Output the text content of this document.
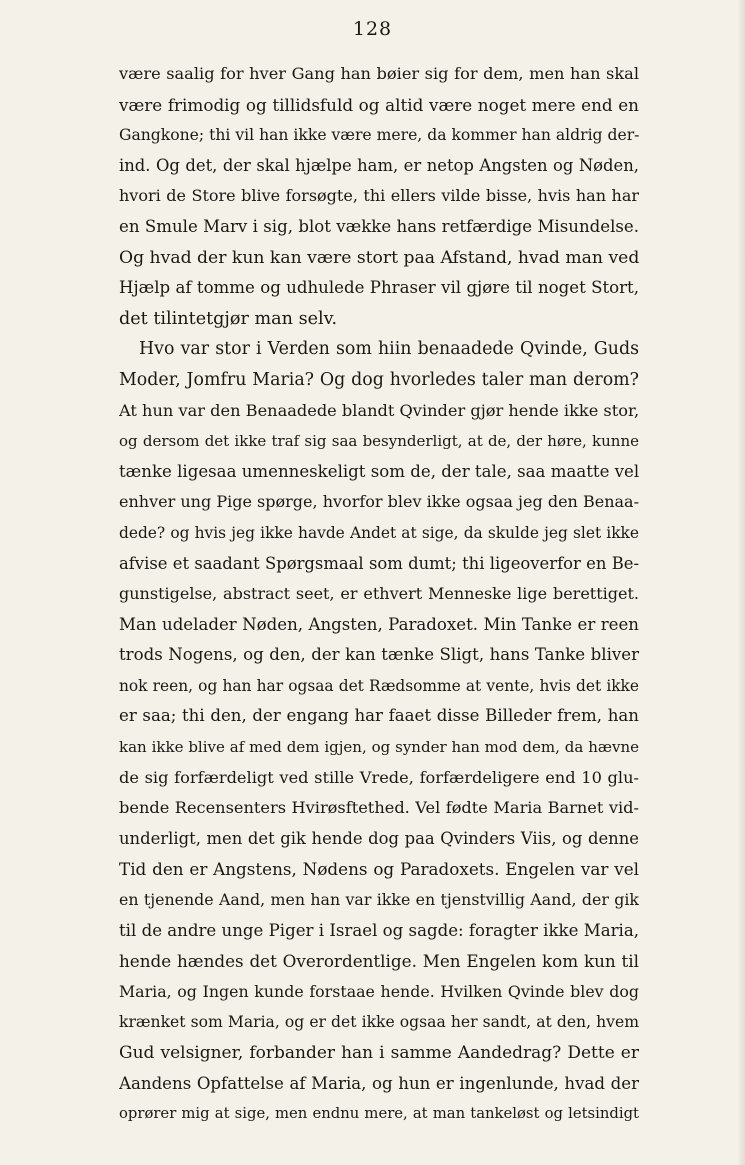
128
være saalig for hver Gang han bøier sig for dem, men han skal
være frimodig og tillidsfuld og altid være noget mere end en
Gangkone; thi vil han ikke være mere, da kommer han aldrig der-
ind. Og det, der skal hjælpe ham, er netop Angsten og Nøden,
hvori de Store blive forsøgte, thi ellers vilde bisse, hvis han har
en Smule Marv i sig, blot vække hans retfærdige Misundelse.
Og hvad der kun kan være stort paa Afstand, hvad man ved
Hjælp af tomme og udhulede Phraser vil gjøre til noget Stort,
det tilintetgjør man selv.
Hvo var stor i Verden som hiin benaadede Qvinde, Guds
Moder, Jomfru Maria? Og dog hvorledes taler man derom?
At hun var den Benaadede blandt Qvinder gjør hende ikke stor,
og dersom det ikke traf sig saa besynderligt, at de, der høre, kunne
tænke ligesaa umenneskeligt som de, der tale, saa maatte vel
enhver ung Pige spørge, hvorfor blev ikke ogsaa jeg den Benaa-
dede? og hvis jeg ikke havde Andet at sige, da skulde jeg slet ikke
afvise et saadant Spørgsmaal som dumt; thi ligeoverfor en Be-
gunstigelse, abstract seet, er ethvert Menneske lige berettiget.
Man udelader Nøden, Angsten, Paradoxet. Min Tanke er reen
trods Nogens, og den, der kan tænke Sligt, hans Tanke bliver
nok reen, og han har ogsaa det Rædsomme at vente, hvis det ikke
er saa; thi den, der engang har faaet disse Billeder frem, han
kan ikke blive af med dem igjen, og synder han mod dem, da hævne
de sig forfærdeligt ved stille Vrede, forfærdeligere end 10 glu-
bende Recensenters Hvirøsftethed. Vel fødte Maria Barnet vid-
underligt, men det gik hende dog paa Qvinders Viis, og denne
Tid den er Angstens, Nødens og Paradoxets. Engelen var vel
en tjenende Aand, men han var ikke en tjenstvillig Aand, der gik
til de andre unge Piger i Israel og sagde: foragter ikke Maria,
hende hændes det Overordentlige. Men Engelen kom kun til
Maria, og Ingen kunde forstaae hende. Hvilken Qvinde blev dog
krænket som Maria, og er det ikke ogsaa her sandt, at den, hvem
Gud velsigner, forbander han i samme Aandedrag? Dette er
Aandens Opfattelse af Maria, og hun er ingenlunde, hvad der
oprører mig at sige, men endnu mere, at man tankeløst og letsindigt
